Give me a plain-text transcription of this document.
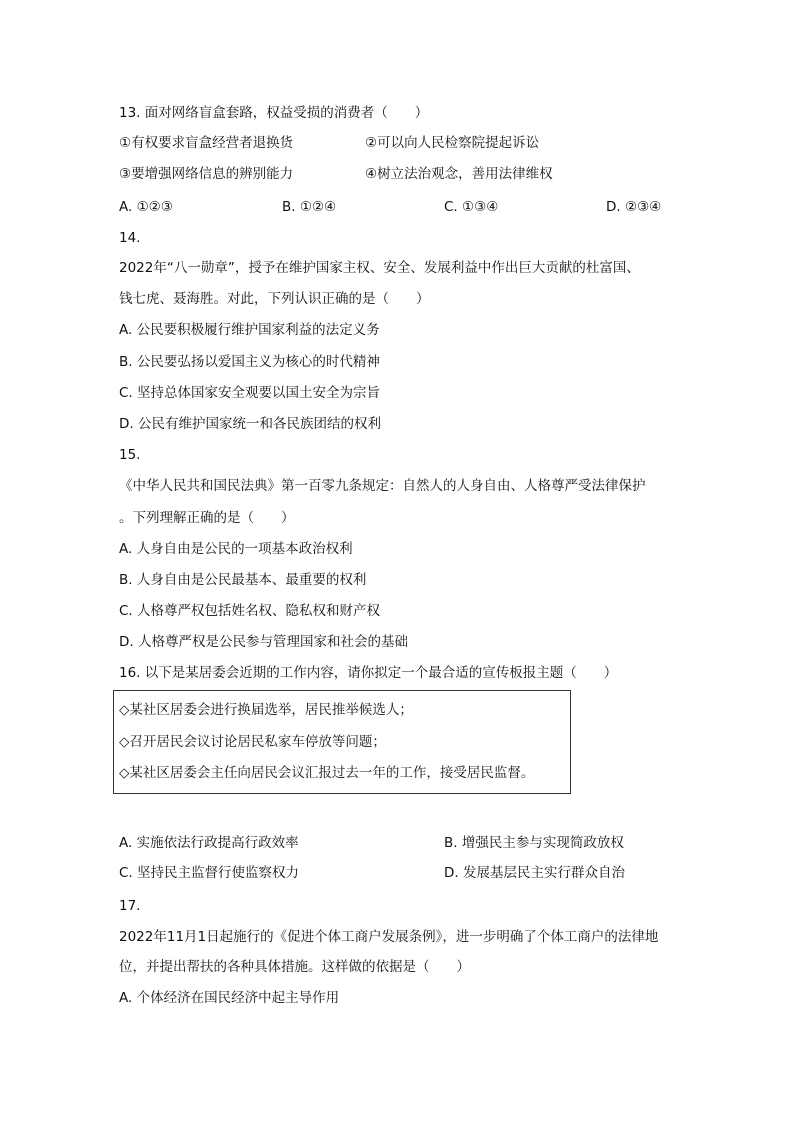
13. 面对网络盲盒套路，权益受损的消费者（　　）
①有权要求盲盒经营者退换货	②可以向人民检察院提起诉讼
③要增强网络信息的辨别能力	④树立法治观念，善用法律维权
A. ①②③	B. ①②④	C. ①③④	D. ②③④
14.
2022年“八一勋章”，授予在维护国家主权、安全、发展利益中作出巨大贡献的杜富国、
钱七虎、聂海胜。对此，下列认识正确的是（　　）
A. 公民要积极履行维护国家利益的法定义务
B. 公民要弘扬以爱国主义为核心的时代精神
C. 坚持总体国家安全观要以国土安全为宗旨
D. 公民有维护国家统一和各民族团结的权利
15.
《中华人民共和国民法典》第一百零九条规定：自然人的人身自由、人格尊严受法律保护
。下列理解正确的是（　　）
A. 人身自由是公民的一项基本政治权利
B. 人身自由是公民最基本、最重要的权利
C. 人格尊严权包括姓名权、隐私权和财产权
D. 人格尊严权是公民参与管理国家和社会的基础
16. 以下是某居委会近期的工作内容，请你拟定一个最合适的宣传板报主题（　　）
◇某社区居委会进行换届选举，居民推举候选人；
◇召开居民会议讨论居民私家车停放等问题；
◇某社区居委会主任向居民会议汇报过去一年的工作，接受居民监督。
A. 实施依法行政提高行政效率	B. 增强民主参与实现简政放权
C. 坚持民主监督行使监察权力	D. 发展基层民主实行群众自治
17.
2022年11月1日起施行的《促进个体工商户发展条例》，进一步明确了个体工商户的法律地
位，并提出帮扶的各种具体措施。这样做的依据是（　　）
A. 个体经济在国民经济中起主导作用
